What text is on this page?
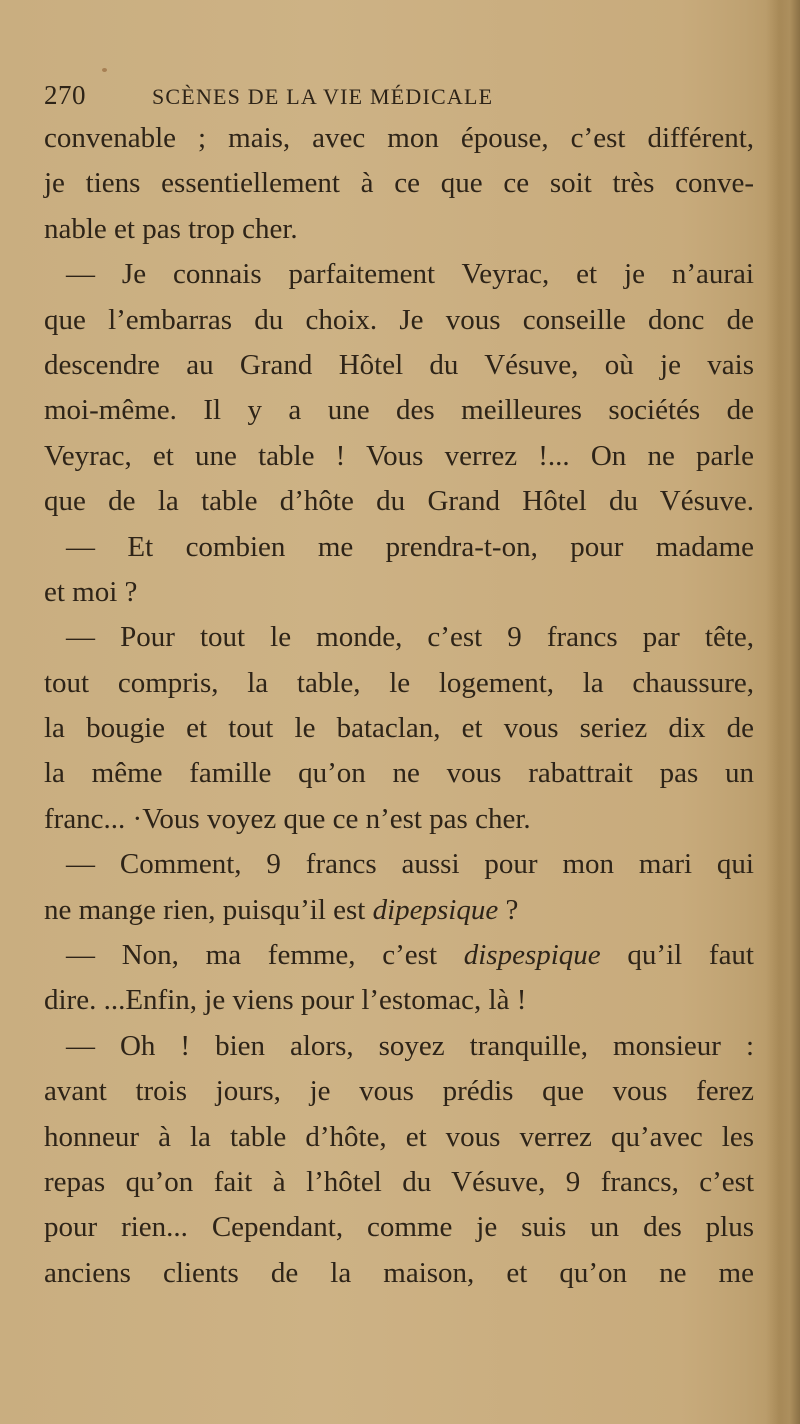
270	SCÈNES DE LA VIE MÉDICALE
convenable ; mais, avec mon épouse, c’est différent,
je tiens essentiellement à ce que ce soit très conve-
nable et pas trop cher.
— Je connais parfaitement Veyrac, et je n’aurai
que l’embarras du choix. Je vous conseille donc de
descendre au Grand Hôtel du Vésuve, où je vais
moi-même. Il y a une des meilleures sociétés de
Veyrac, et une table ! Vous verrez !... On ne parle
que de la table d’hôte du Grand Hôtel du Vésuve.
— Et combien me prendra-t-on, pour madame
et moi ?
— Pour tout le monde, c’est 9 francs par tête,
tout compris, la table, le logement, la chaussure,
la bougie et tout le bataclan, et vous seriez dix de
la même famille qu’on ne vous rabattrait pas un
franc... ·Vous voyez que ce n’est pas cher.
— Comment, 9 francs aussi pour mon mari qui
ne mange rien, puisqu’il est dipepsique ?
— Non, ma femme, c’est dispespique qu’il faut
dire. ...Enfin, je viens pour l’estomac, là !
— Oh ! bien alors, soyez tranquille, monsieur :
avant trois jours, je vous prédis que vous ferez
honneur à la table d’hôte, et vous verrez qu’avec les
repas qu’on fait à l’hôtel du Vésuve, 9 francs, c’est
pour rien... Cependant, comme je suis un des plus
anciens clients de la maison, et qu’on ne me
